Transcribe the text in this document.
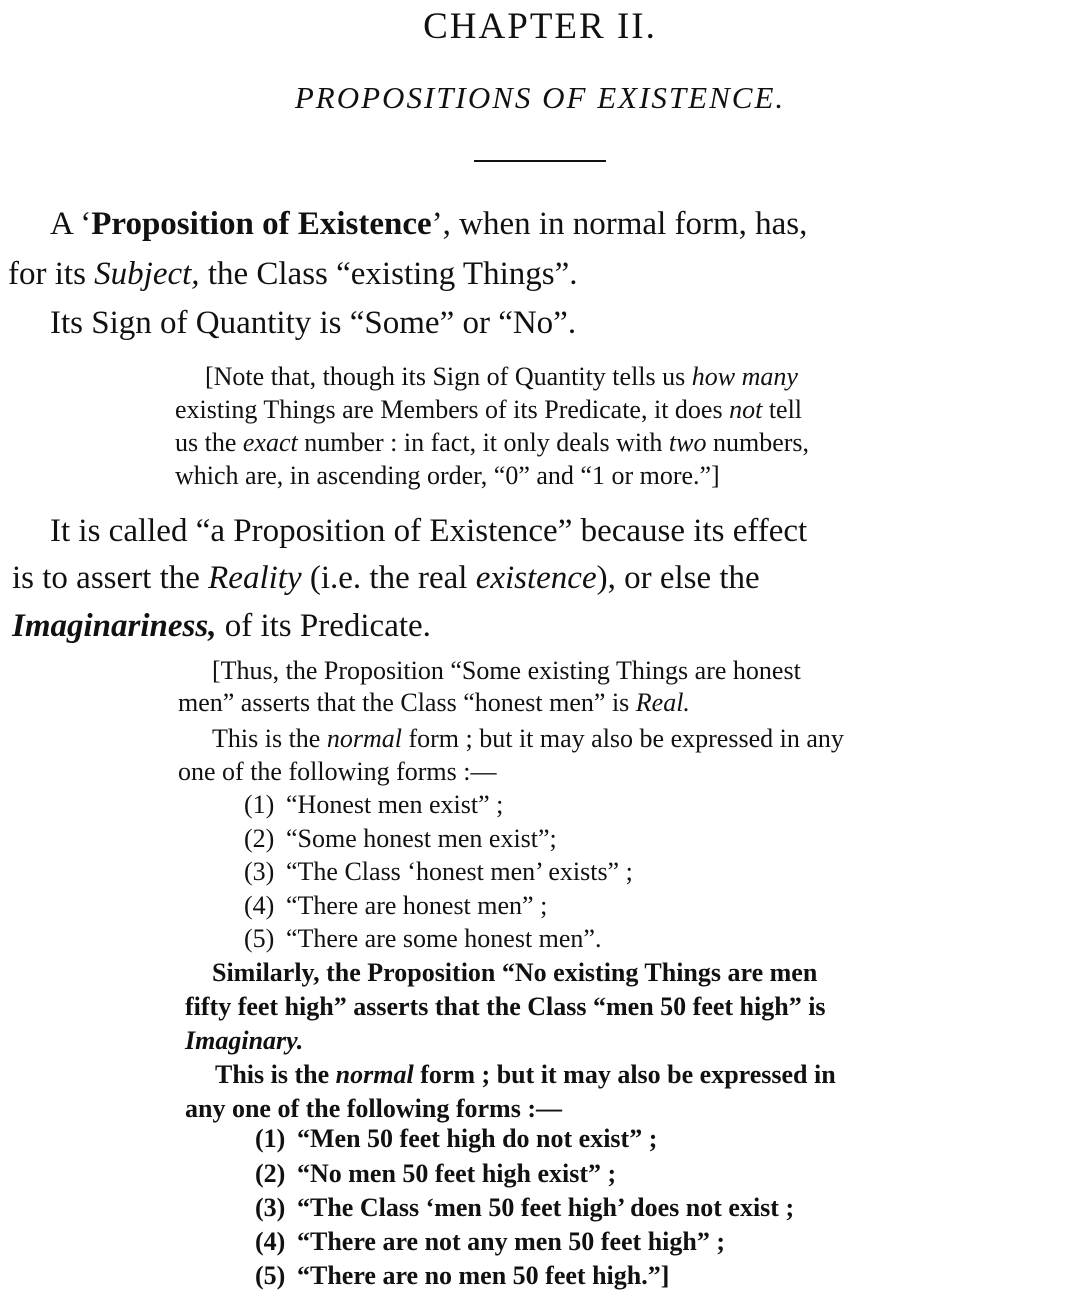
CHAPTER II.
PROPOSITIONS OF EXISTENCE.
A ‘Proposition of Existence’, when in normal form, has,
for its Subject, the Class “existing Things”.
Its Sign of Quantity is “Some” or “No”.
[Note that, though its Sign of Quantity tells us how many
existing Things are Members of its Predicate, it does not tell
us the exact number : in fact, it only deals with two numbers,
which are, in ascending order, “0” and “1 or more.”]
It is called “a Proposition of Existence” because its effect
is to assert the Reality (i.e. the real existence), or else the
Imaginariness, of its Predicate.
[Thus, the Proposition “Some existing Things are honest
men” asserts that the Class “honest men” is Real.
This is the normal form ; but it may also be expressed in any
one of the following forms :—
(1) “Honest men exist” ;
(2) “Some honest men exist”;
(3) “The Class ‘honest men’ exists” ;
(4) “There are honest men” ;
(5) “There are some honest men”.
Similarly, the Proposition “No existing Things are men
fifty feet high” asserts that the Class “men 50 feet high” is
Imaginary.
This is the normal form ; but it may also be expressed in
any one of the following forms :—
(1) “Men 50 feet high do not exist” ;
(2) “No men 50 feet high exist” ;
(3) “The Class ‘men 50 feet high’ does not exist ;
(4) “There are not any men 50 feet high” ;
(5) “There are no men 50 feet high.”]
